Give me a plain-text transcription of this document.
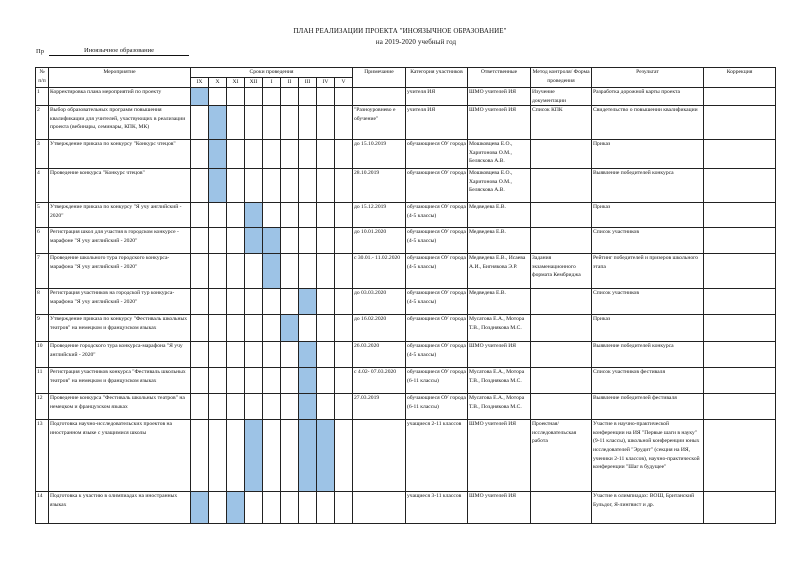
ПЛАН РЕАЛИЗАЦИИ ПРОЕКТА "ИНОЯЗЫЧНОЕ ОБРАЗОВАНИЕ"
на 2019-2020 учебный год
Пр	Иноязычное образование
№ п/п	Мероприятие	Сроки проведения									Примечание	Категория участников	Ответственные	Метод контроля/ Форма проведения	Результат	Коррекция
		IX	X	XI	XII	I	II	III	IV	V						
1	Корректировка плана мероприятий по проекту											учителя ИЯ	ШМО учителей ИЯ	Изучение документации	Разработка дорожной карты проекта	
2	Выбор образовательных программ повышения квалификации для учителей, участвующих в реализации проекта (вебинары, семинары, КПК, МК)										"Разноуровнево е обучение"	учителя ИЯ	ШМО учителей ИЯ	Список КПК	Свидетельство о повышении квалификации	
3	Утверждение приказа по конкурсу "Конкурс чтецов"										до 15.10.2019	обучающиеся ОУ города	Мошковцева Е.О., Харитонова О.М., Беляскова А.В.		Приказ	
4	Проведение конкурса "Конкурс чтецов"										28.10.2019	обучающиеся ОУ города	Мошковцева Е.О., Харитонова О.М., Беляскова А.В.		Выявление победителей конкурса	
5	Утверждение приказа по конкурсу "Я учу английский - 2020"										до 15.12.2019	обучающиеся ОУ города (4-5 классы)	Медведева Е.В.		Приказ	
6	Регистрация школ для участия в городском конкурсе - марафоне "Я учу английский - 2020"										до 10.01.2020	обучающиеся ОУ города (4-5 классы)	Медведева Е.В.		Список участников	
7	Проведение школьного тура городского конкурса-марафона "Я учу английский - 2020"										с 30.01.- 11.02.2020	обучающиеся ОУ города (4-5 классы)	Медведева Е.В., Исаева А.И., Бигнякова Э.Р.	Задания экзаменационного формата Кембриджа	Рейтинг победителей и призеров школьного этапа	
8	Регистрация участников на городской тур конкурса-марафона "Я учу английский - 2020"										до 03.03.2020	обучающиеся ОУ города (4-5 классы)	Медведева Е.В.		Список участников	
9	Утверждение приказа по конкурсу "Фестиваль школьных театров" на немецком и французском языках										до 16.02.2020	обучающиеся ОУ города	Мусатова Е.А., Мотора Т.В., Позднякова М.С.		Приказ	
10	Проведение городского тура конкурса-марафона "Я учу английский - 2020"										26.03.2020	обучающиеся ОУ города (4-5 классы)	ШМО учителей ИЯ		Выявление победителей конкурса	
11	Регистрация участников конкурса "Фестиваль школьных театров" на немецком и французском языках										с 4.02- 07.03.2020	обучающиеся ОУ города (6-11 классы)	Мусатова Е.А., Мотора Т.В., Позднякова М.С.		Список участников фестиваля	
12	Проведение конкурса "Фестиваль школьных театров" на немецком и французском языках										27.03.2019	обучающиеся ОУ города (6-11 классы)	Мусатова Е.А., Мотора Т.В., Позднякова М.С.		Выявление победителей фестиваля	
13	Подготовка научно-исследовательских проектов на иностранном языке с учащимися школы											учащиеся 2-11 классов	ШМО учителей ИЯ	Проектная/ исследовательская работа	Участие в научно-практической конференции на ИЯ "Первые шаги в науку" (9-11 классы), школьной конференции юных исследователей "Эрудит" (секция на ИЯ, ученики 2-11 классов), научно-практической конференции "Шаг в будущее"	
14	Подготовка к участию в олимпиадах на иностранных языках											учащиеся 3-11 классов	ШМО учителей ИЯ		Участие в олимпиадах: ВОШ, Британский Бульдог, Я-лингвист и др.	
